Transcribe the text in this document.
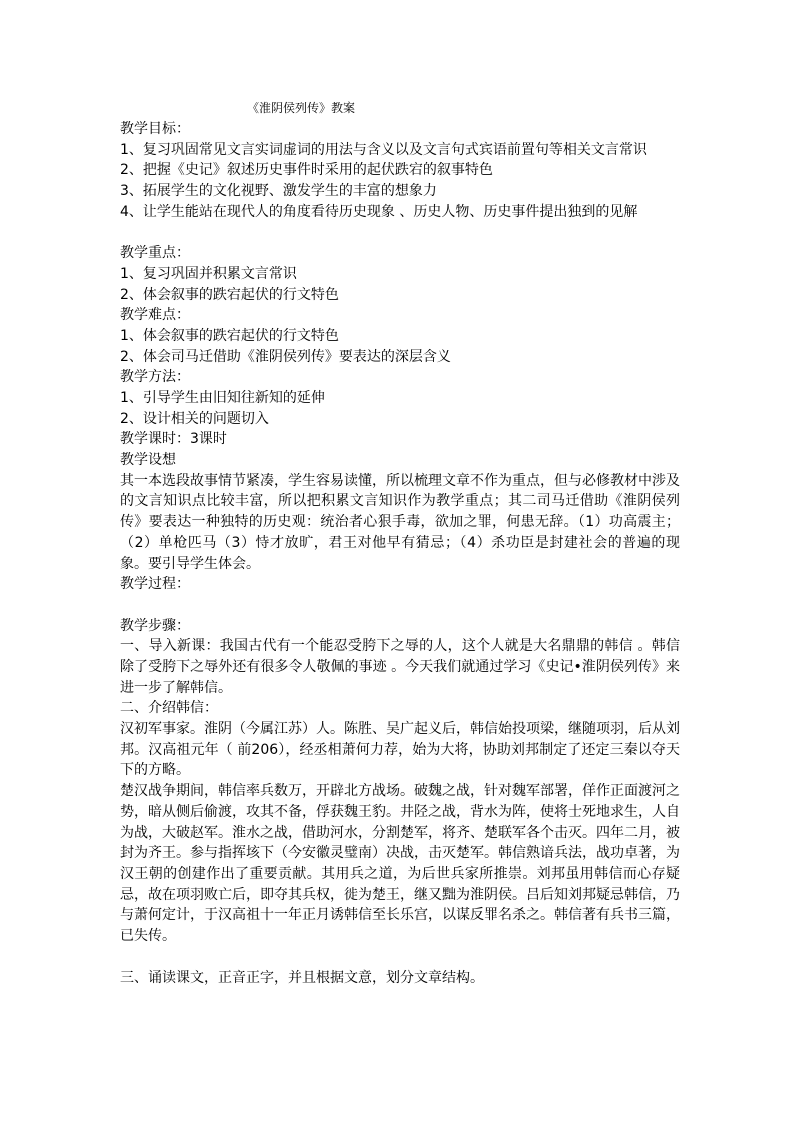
《淮阴侯列传》教案
教学目标：
1、复习巩固常见文言实词虚词的用法与含义以及文言句式宾语前置句等相关文言常识
2、把握《史记》叙述历史事件时采用的起伏跌宕的叙事特色
3、拓展学生的文化视野、激发学生的丰富的想象力
4、让学生能站在现代人的角度看待历史现象 、历史人物、历史事件提出独到的见解
教学重点：
1、复习巩固并积累文言常识
2、体会叙事的跌宕起伏的行文特色
教学难点：
1、体会叙事的跌宕起伏的行文特色
2、体会司马迁借助《淮阴侯列传》要表达的深层含义
教学方法：
1、引导学生由旧知往新知的延伸
2、设计相关的问题切入
教学课时：3课时
教学设想
其一本选段故事情节紧凑，学生容易读懂，所以梳理文章不作为重点，但与必修教材中涉及的文言知识点比较丰富，所以把积累文言知识作为教学重点；其二司马迁借助《淮阴侯列传》要表达一种独特的历史观：统治者心狠手毒，欲加之罪，何患无辞。（1）功高震主；（2）单枪匹马（3）恃才放旷，君王对他早有猜忌；（4）杀功臣是封建社会的普遍的现象。要引导学生体会。
教学过程：
教学步骤：
一、导入新课：我国古代有一个能忍受胯下之辱的人，这个人就是大名鼎鼎的韩信 。韩信除了受胯下之辱外还有很多令人敬佩的事迹 。今天我们就通过学习《史记•淮阴侯列传》来进一步了解韩信。
二、介绍韩信：
汉初军事家。淮阴（今属江苏）人。陈胜、吴广起义后，韩信始投项梁，继随项羽，后从刘邦。汉高祖元年（ 前206），经丞相萧何力荐，始为大将，协助刘邦制定了还定三秦以夺天下的方略。
楚汉战争期间，韩信率兵数万，开辟北方战场。破魏之战，针对魏军部署，佯作正面渡河之势，暗从侧后偷渡，攻其不备，俘获魏王豹。井陉之战，背水为阵，使将士死地求生，人自为战，大破赵军。淮水之战，借助河水，分割楚军，将齐、楚联军各个击灭。四年二月，被封为齐王。参与指挥垓下（今安徽灵璧南）决战，击灭楚军。韩信熟谙兵法，战功卓著，为汉王朝的创建作出了重要贡献。其用兵之道，为后世兵家所推崇。刘邦虽用韩信而心存疑忌，故在项羽败亡后，即夺其兵权，徙为楚王，继又黜为淮阴侯。吕后知刘邦疑忌韩信，乃与萧何定计，于汉高祖十一年正月诱韩信至长乐宫，以谋反罪名杀之。韩信著有兵书三篇，已失传。
三、诵读课文，正音正字，并且根据文意，划分文章结构。
